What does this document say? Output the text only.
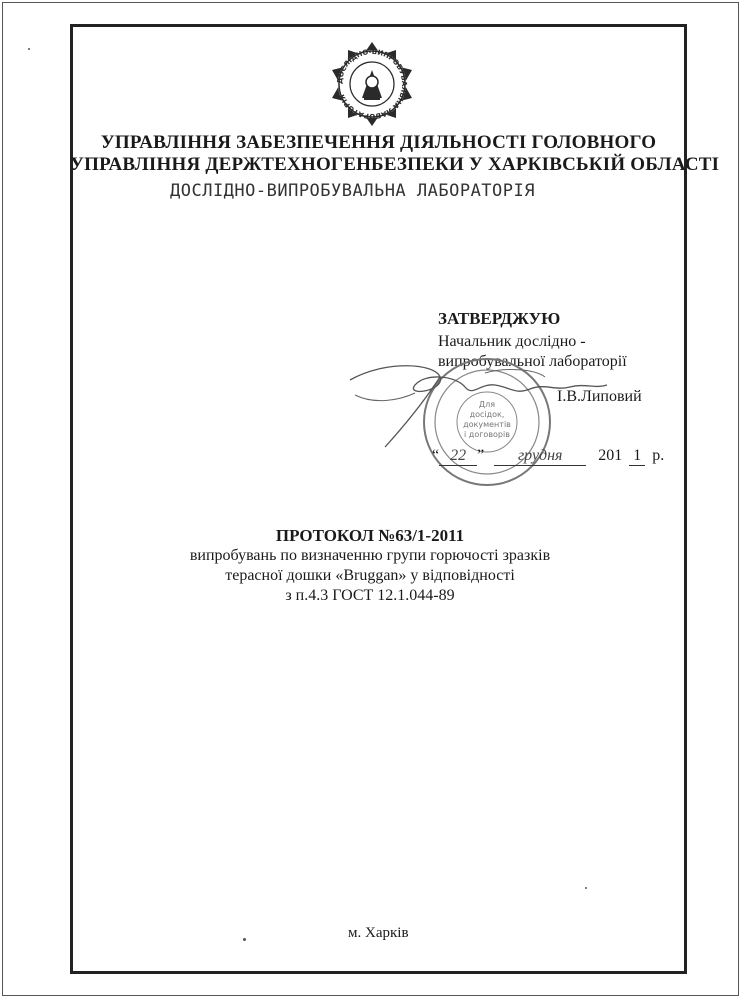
ДОСЛІДНО-ВИПРОБУВАЛЬНА ЛАБОРАТОРІЯ
УПРАВЛІННЯ ЗАБЕЗПЕЧЕННЯ ДІЯЛЬНОСТІ ГОЛОВНОГО
УПРАВЛІННЯ ДЕРЖТЕХНОГЕНБЕЗПЕКИ У ХАРКІВСЬКІЙ ОБЛАСТІ
ДОСЛІДНО-ВИПРОБУВАЛЬНА ЛАБОРАТОРІЯ
ЗАТВЕРДЖУЮ
Начальник дослідно -
випробувальної лабораторії
Для
досідок,
документів
і договорів
І.В.Липовий
“ 22 ” грудня 201 1 р.
ПРОТОКОЛ №63/1-2011
випробувань по визначенню групи горючості зразків
терасної дошки «Bruggan» у відповідності
з п.4.3 ГОСТ 12.1.044-89
м. Харків
